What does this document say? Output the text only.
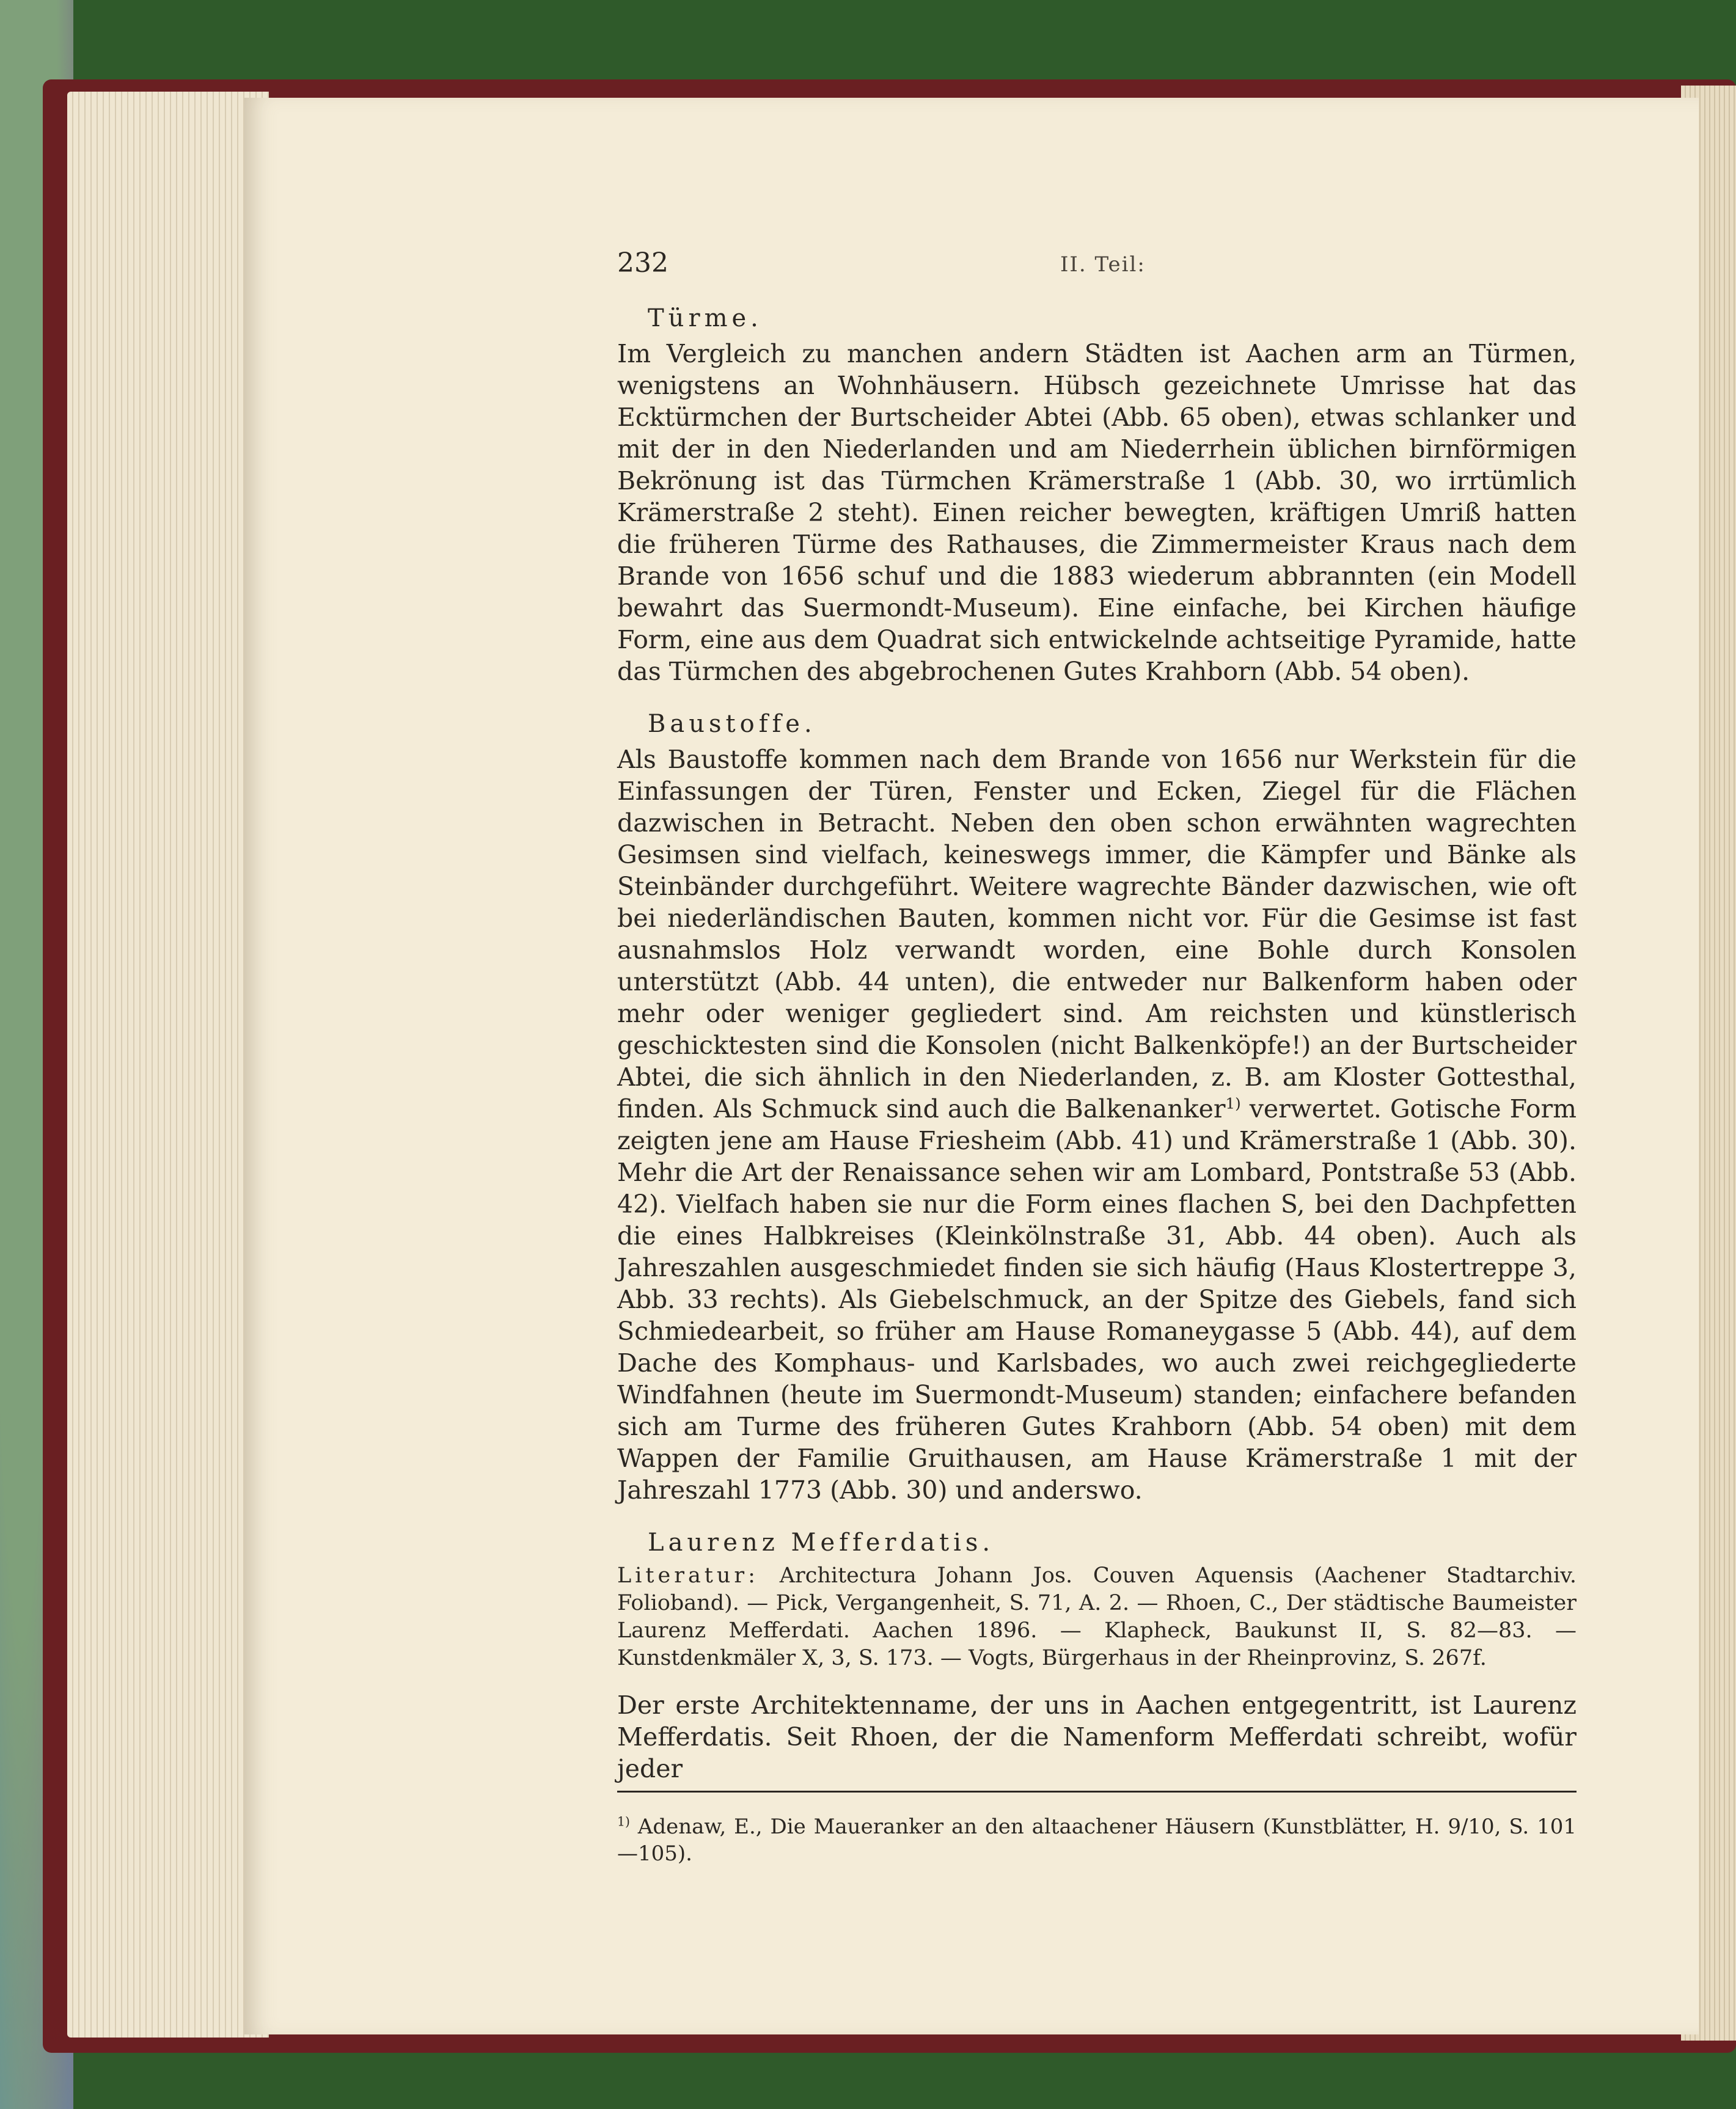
232	II. Teil:
Türme.

Im Vergleich zu manchen andern Städten ist Aachen arm an Türmen, wenigstens an Wohnhäusern. Hübsch gezeichnete Umrisse hat das Ecktürmchen der Burtscheider Abtei (Abb. 65 oben), etwas schlanker und mit der in den Niederlanden und am Niederrhein üblichen birnförmigen Bekrönung ist das Türmchen Krämerstraße 1 (Abb. 30, wo irrtümlich Krämerstraße 2 steht). Einen reicher bewegten, kräftigen Umriß hatten die früheren Türme des Rathauses, die Zimmermeister Kraus nach dem Brande von 1656 schuf und die 1883 wiederum abbrannten (ein Modell bewahrt das Suermondt-Museum). Eine einfache, bei Kirchen häufige Form, eine aus dem Quadrat sich entwickelnde achtseitige Pyramide, hatte das Türmchen des abgebrochenen Gutes Krahborn (Abb. 54 oben).

Baustoffe.

Als Baustoffe kommen nach dem Brande von 1656 nur Werkstein für die Einfassungen der Türen, Fenster und Ecken, Ziegel für die Flächen dazwischen in Betracht. Neben den oben schon erwähnten wagrechten Gesimsen sind vielfach, keineswegs immer, die Kämpfer und Bänke als Steinbänder durchgeführt. Weitere wagrechte Bänder dazwischen, wie oft bei niederländischen Bauten, kommen nicht vor. Für die Gesimse ist fast ausnahmslos Holz verwandt worden, eine Bohle durch Konsolen unterstützt (Abb. 44 unten), die entweder nur Balkenform haben oder mehr oder weniger gegliedert sind. Am reichsten und künstlerisch geschicktesten sind die Konsolen (nicht Balkenköpfe!) an der Burtscheider Abtei, die sich ähnlich in den Niederlanden, z. B. am Kloster Gottesthal, finden. Als Schmuck sind auch die Balkenanker$^{1)}$ verwertet. Gotische Form zeigten jene am Hause Friesheim (Abb. 41) und Krämerstraße 1 (Abb. 30). Mehr die Art der Renaissance sehen wir am Lombard, Pontstraße 53 (Abb. 42). Vielfach haben sie nur die Form eines flachen S, bei den Dachpfetten die eines Halbkreises (Kleinkölnstraße 31, Abb. 44 oben). Auch als Jahreszahlen ausgeschmiedet finden sie sich häufig (Haus Klostertreppe 3, Abb. 33 rechts). Als Giebelschmuck, an der Spitze des Giebels, fand sich Schmiedearbeit, so früher am Hause Romaneygasse 5 (Abb. 44), auf dem Dache des Komphaus- und Karlsbades, wo auch zwei reichgegliederte Windfahnen (heute im Suermondt-Museum) standen; einfachere befanden sich am Turme des früheren Gutes Krahborn (Abb. 54 oben) mit dem Wappen der Familie Gruithausen, am Hause Krämerstraße 1 mit der Jahreszahl 1773 (Abb. 30) und anderswo.

Laurenz Mefferdatis.

Literatur: Architectura Johann Jos. Couven Aquensis (Aachener Stadtarchiv. Folioband). — Pick, Vergangenheit, S. 71, A. 2. — Rhoen, C., Der städtische Baumeister Laurenz Mefferdati. Aachen 1896. — Klapheck, Baukunst II, S. 82—83. — Kunstdenkmäler X, 3, S. 173. — Vogts, Bürgerhaus in der Rheinprovinz, S. 267f.

Der erste Architektenname, der uns in Aachen entgegentritt, ist Laurenz Mefferdatis. Seit Rhoen, der die Namenform Mefferdati schreibt, wofür jeder

$^{1)}$ Adenaw, E., Die Maueranker an den altaachener Häusern (Kunstblätter, H. 9/10, S. 101—105).
